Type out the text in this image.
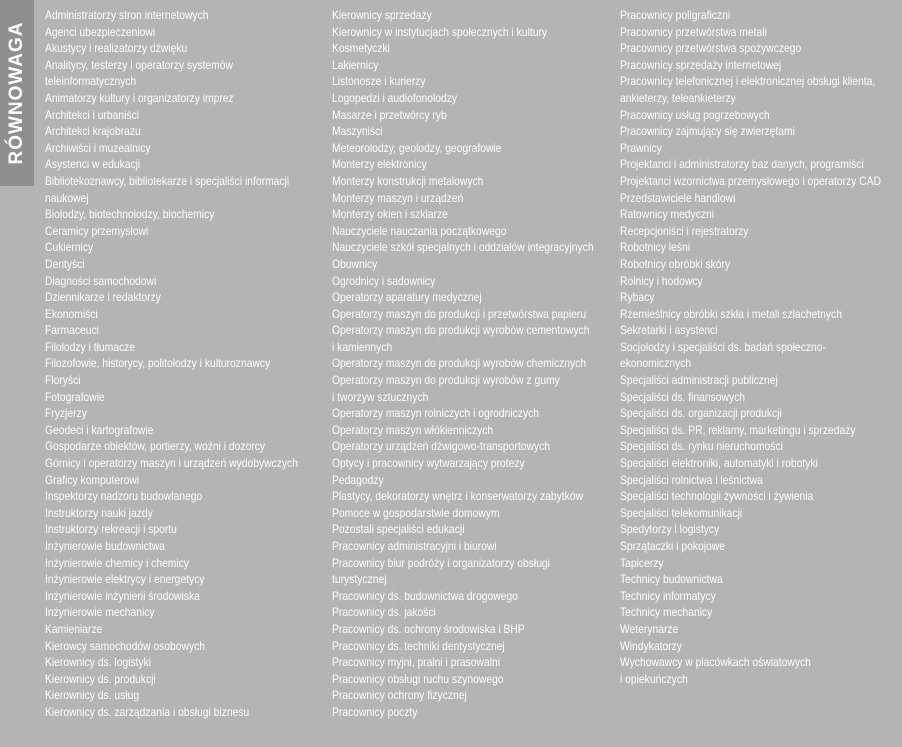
RÓWNOWAGA
Administratorzy stron internetowych
Agenci ubezpieczeniowi
Akustycy i realizatorzy dźwięku
Analitycy, testerzy i operatorzy systemów
teleinformatycznych
Animatorzy kultury i organizatorzy imprez
Architekci i urbaniści
Architekci krajobrazu
Archiwiści i muzealnicy
Asystenci w edukacji
Bibliotekoznawcy, bibliotekarze i specjaliści informacji
naukowej
Biolodzy, biotechnolodzy, biochemicy
Ceramicy przemysłowi
Cukiernicy
Dentyści
Diagności samochodowi
Dziennikarze i redaktorzy
Ekonomiści
Farmaceuci
Filolodzy i tłumacze
Filozofowie, historycy, politolodzy i kulturoznawcy
Floryści
Fotografowie
Fryzjerzy
Geodeci i kartografowie
Gospodarze obiektów, portierzy, woźni i dozorcy
Górnicy i operatorzy maszyn i urządzeń wydobywczych
Graficy komputerowi
Inspektorzy nadzoru budowlanego
Instruktorzy nauki jazdy
Instruktorzy rekreacji i sportu
Inżynierowie budownictwa
Inżynierowie chemicy i chemicy
Inżynierowie elektrycy i energetycy
Inżynierowie inżynierii środowiska
Inżynierowie mechanicy
Kamieniarze
Kierowcy samochodów osobowych
Kierownicy ds. logistyki
Kierownicy ds. produkcji
Kierownicy ds. usług
Kierownicy ds. zarządzania i obsługi biznesu
Kierownicy sprzedaży
Kierownicy w instytucjach społecznych i kultury
Kosmetyczki
Lakiernicy
Listonosze i kurierzy
Logopedzi i audiofonolodzy
Masarze i przetwórcy ryb
Maszyniści
Meteorolodzy, geolodzy, geografowie
Monterzy elektronicy
Monterzy konstrukcji metalowych
Monterzy maszyn i urządzeń
Monterzy okien i szklarze
Nauczyciele nauczania początkowego
Nauczyciele szkół specjalnych i oddziałów integracyjnych
Obuwnicy
Ogrodnicy i sadownicy
Operatorzy aparatury medycznej
Operatorzy maszyn do produkcji i przetwórstwa papieru
Operatorzy maszyn do produkcji wyrobów cementowych
i kamiennych
Operatorzy maszyn do produkcji wyrobów chemicznych
Operatorzy maszyn do produkcji wyrobów z gumy
i tworzyw sztucznych
Operatorzy maszyn rolniczych i ogrodniczych
Operatorzy maszyn włókienniczych
Operatorzy urządzeń dźwigowo-transportowych
Optycy i pracownicy wytwarzający protezy
Pedagodzy
Plastycy, dekoratorzy wnętrz i konserwatorzy zabytków
Pomoce w gospodarstwie domowym
Pozostali specjaliści edukacji
Pracownicy administracyjni i biurowi
Pracownicy biur podróży i organizatorzy obsługi
turystycznej
Pracownicy ds. budownictwa drogowego
Pracownicy ds. jakości
Pracownicy ds. ochrony środowiska i BHP
Pracownicy ds. techniki dentystycznej
Pracownicy myjni, pralni i prasowalni
Pracownicy obsługi ruchu szynowego
Pracownicy ochrony fizycznej
Pracownicy poczty
Pracownicy poligraficzni
Pracownicy przetwórstwa metali
Pracownicy przetwórstwa spożywczego
Pracownicy sprzedaży internetowej
Pracownicy telefonicznej i elektronicznej obsługi klienta,
ankieterzy, teleankieterzy
Pracownicy usług pogrzebowych
Pracownicy zajmujący się zwierzętami
Prawnicy
Projektanci i administratorzy baz danych, programiści
Projektanci wzornictwa przemysłowego i operatorzy CAD
Przedstawiciele handlowi
Ratownicy medyczni
Recepcjoniści i rejestratorzy
Robotnicy leśni
Robotnicy obróbki skóry
Rolnicy i hodowcy
Rybacy
Rzemieślnicy obróbki szkła i metali szlachetnych
Sekretarki i asystenci
Socjolodzy i specjaliści ds. badań społeczno-
ekonomicznych
Specjaliści administracji publicznej
Specjaliści ds. finansowych
Specjaliści ds. organizacji produkcji
Specjaliści ds. PR, reklamy, marketingu i sprzedaży
Specjaliści ds. rynku nieruchomości
Specjaliści elektroniki, automatyki i robotyki
Specjaliści rolnictwa i leśnictwa
Specjaliści technologii żywności i żywienia
Specjaliści telekomunikacji
Spedytorzy i logistycy
Sprzątaczki i pokojowe
Tapicerzy
Technicy budownictwa
Technicy informatycy
Technicy mechanicy
Weterynarze
Windykatorzy
Wychowawcy w placówkach oświatowych
i opiekuńczych
